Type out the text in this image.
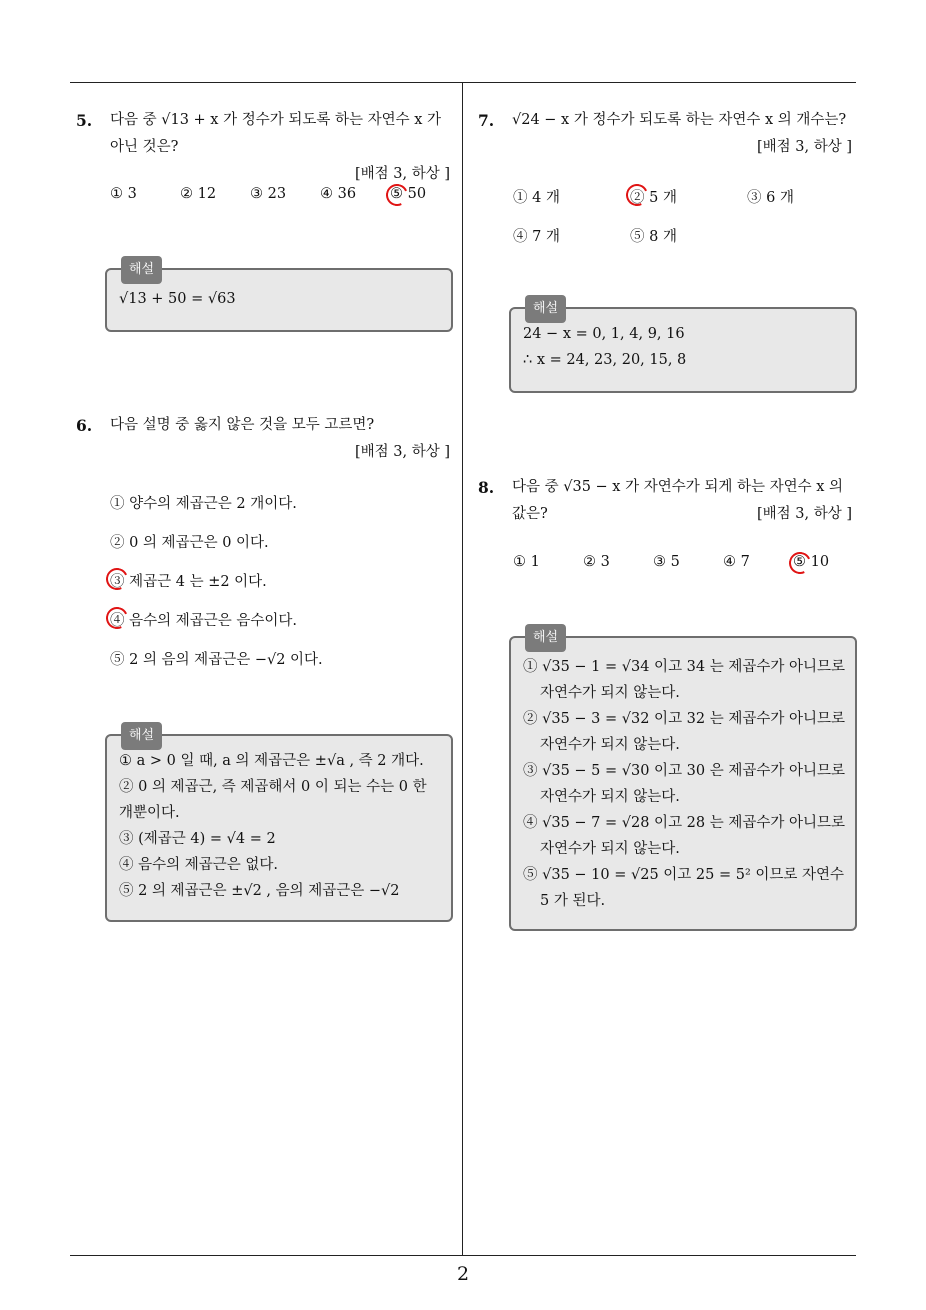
5. 다음 중 √13 + x 가 정수가 되도록 하는 자연수 x 가 아닌 것은?
[배점 3, 하상 ]
① 3	② 12 ③ 23 ④ 36 ⑤ 50
해설
√13 + 50 = √63
6. 다음 설명 중 옳지 않은 것을 모두 고르면?
[배점 3, 하상 ]
① 양수의 제곱근은 2 개이다.
② 0 의 제곱근은 0 이다.
③ 제곱근 4 는 ±2 이다.
④ 음수의 제곱근은 음수이다.
⑤ 2 의 음의 제곱근은 −√2 이다.
해설
① a > 0 일 때, a 의 제곱근은 ±√a , 즉 2 개다.
② 0 의 제곱근, 즉 제곱해서 0 이 되는 수는 0 한
개뿐이다.
③ (제곱근 4) = √4 = 2
④ 음수의 제곱근은 없다.
⑤ 2 의 제곱근은 ±√2 , 음의 제곱근은 −√2
7. √24 − x 가 정수가 되도록 하는 자연수 x 의 개수는?
[배점 3, 하상 ]
① 4 개	② 5 개	③ 6 개
④ 7 개	⑤ 8 개
해설
24 − x = 0, 1, 4, 9, 16
∴ x = 24, 23, 20, 15, 8
8. 다음 중 √35 − x 가 자연수가 되게 하는 자연수 x 의 값은?	[배점 3, 하상 ]
① 1	② 3	③ 5	④ 7	⑤ 10
해설
① √35 − 1 = √34 이고 34 는 제곱수가 아니므로
자연수가 되지 않는다.
② √35 − 3 = √32 이고 32 는 제곱수가 아니므로
자연수가 되지 않는다.
③ √35 − 5 = √30 이고 30 은 제곱수가 아니므로
자연수가 되지 않는다.
④ √35 − 7 = √28 이고 28 는 제곱수가 아니므로
자연수가 되지 않는다.
⑤ √35 − 10 = √25 이고 25 = 5² 이므로 자연수
5 가 된다.
2
